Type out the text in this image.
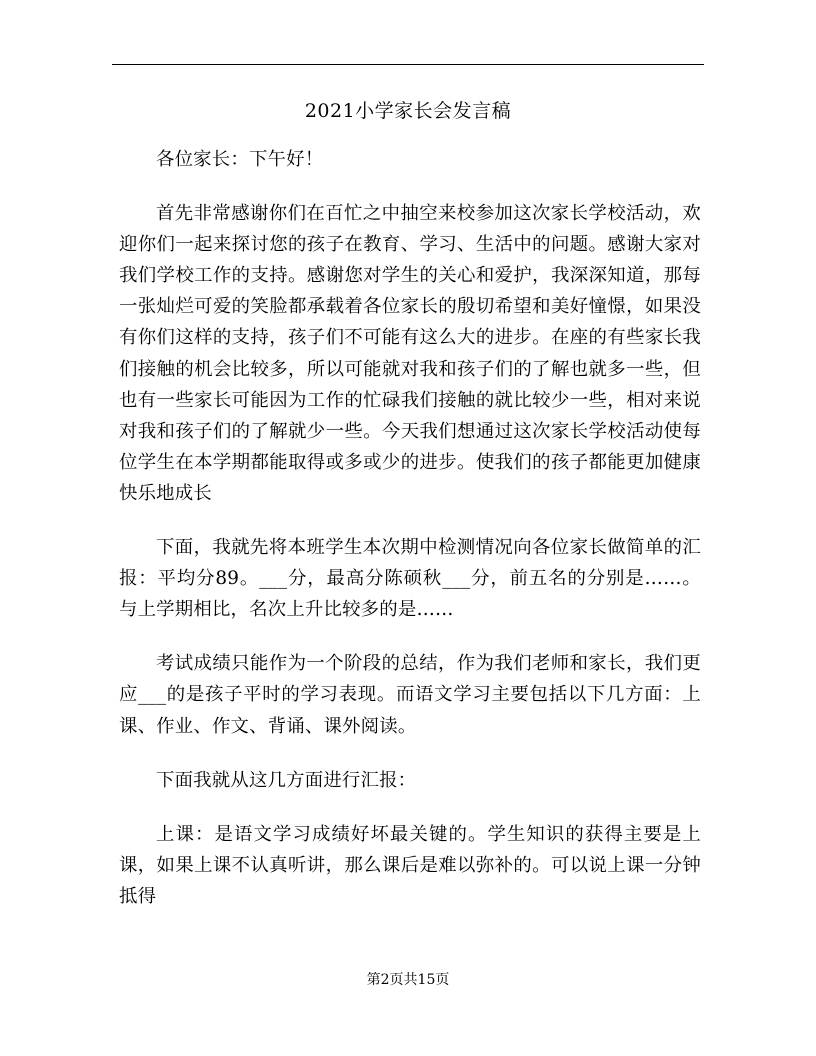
2021小学家长会发言稿

各位家长：下午好！

首先非常感谢你们在百忙之中抽空来校参加这次家长学校活动，欢迎你们一起来探讨您的孩子在教育、学习、生活中的问题。感谢大家对我们学校工作的支持。感谢您对学生的关心和爱护，我深深知道，那每一张灿烂可爱的笑脸都承载着各位家长的殷切希望和美好憧憬，如果没有你们这样的支持，孩子们不可能有这么大的进步。在座的有些家长我们接触的机会比较多，所以可能就对我和孩子们的了解也就多一些，但也有一些家长可能因为工作的忙碌我们接触的就比较少一些，相对来说对我和孩子们的了解就少一些。今天我们想通过这次家长学校活动使每位学生在本学期都能取得或多或少的进步。使我们的孩子都能更加健康快乐地成长

下面，我就先将本班学生本次期中检测情况向各位家长做简单的汇报：平均分89。___分，最高分陈硕秋___分，前五名的分别是……。与上学期相比，名次上升比较多的是……

考试成绩只能作为一个阶段的总结，作为我们老师和家长，我们更应___的是孩子平时的学习表现。而语文学习主要包括以下几方面：上课、作业、作文、背诵、课外阅读。

下面我就从这几方面进行汇报：

上课：是语文学习成绩好坏最关键的。学生知识的获得主要是上课，如果上课不认真听讲，那么课后是难以弥补的。可以说上课一分钟抵得

第2页共15页
